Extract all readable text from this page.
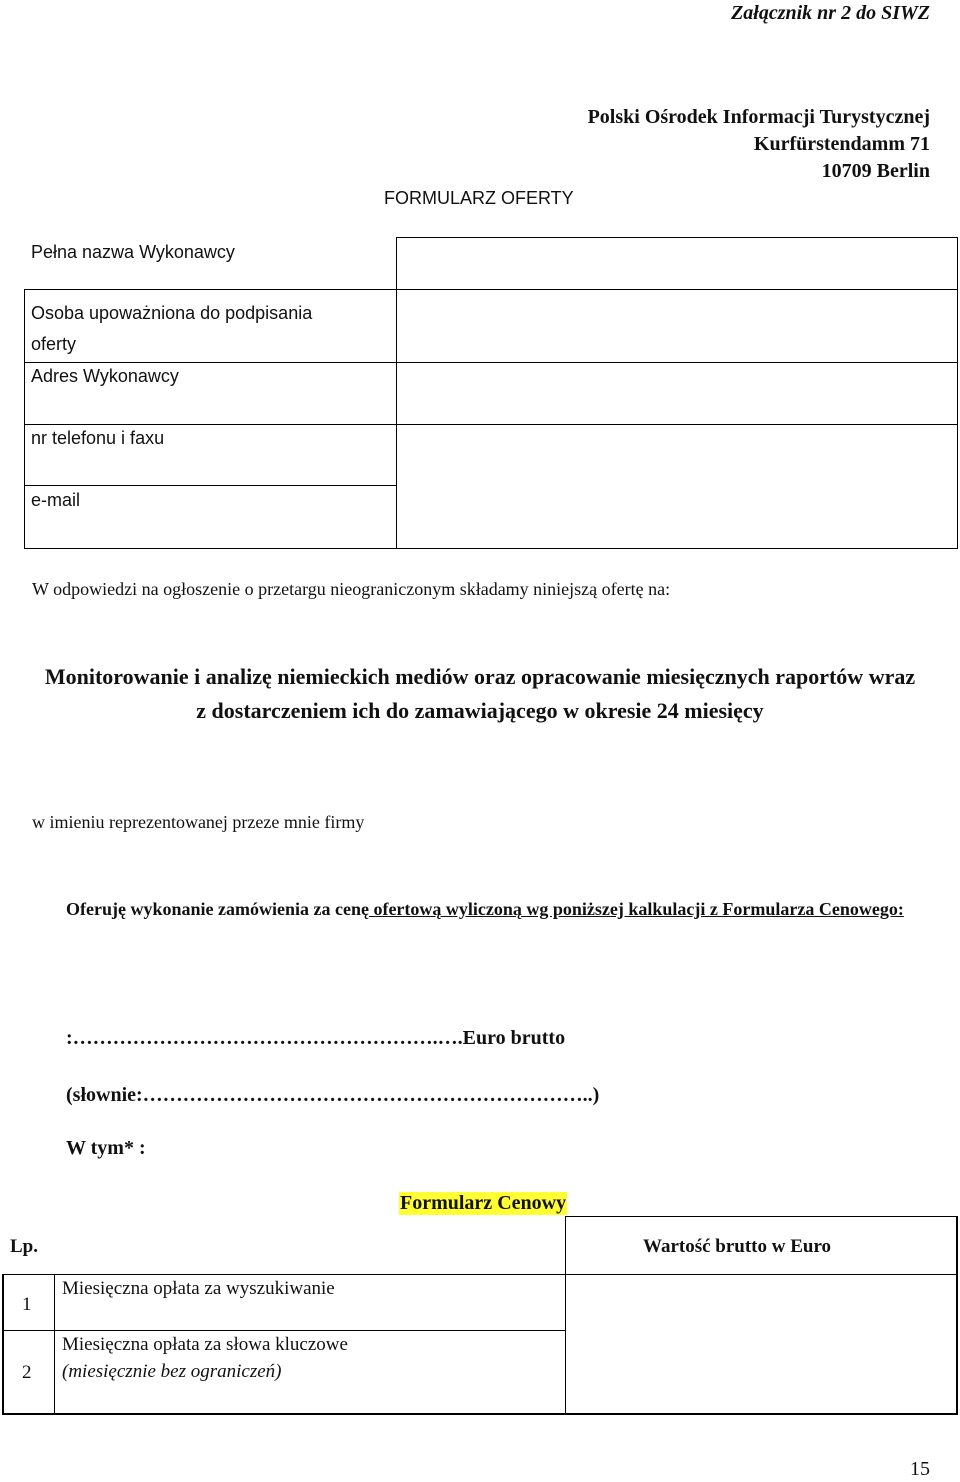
Załącznik nr 2 do SIWZ
Polski Ośrodek Informacji Turystycznej
Kurfürstendamm 71
10709 Berlin
FORMULARZ OFERTY
Pełna nazwa Wykonawcy
Osoba upoważniona do podpisania
oferty
Adres Wykonawcy
nr telefonu i faxu
e-mail
W odpowiedzi na ogłoszenie o przetargu nieograniczonym składamy niniejszą ofertę na:
Monitorowanie i analizę niemieckich mediów oraz opracowanie miesięcznych raportów wraz z dostarczeniem ich do zamawiającego w okresie 24 miesięcy
w imieniu reprezentowanej przeze mnie firmy
Oferuję wykonanie zamówienia za cenę ofertową wyliczoną wg poniższej kalkulacji z Formularza Cenowego:
:……………………………………………….….Euro brutto
(słownie:…………………………………………………………..)
W tym* :
Formularz Cenowy
Lp.	Wartość brutto w Euro
1
Miesięczna opłata za wyszukiwanie
2
Miesięczna opłata za słowa kluczowe
(miesięcznie bez ograniczeń)
15
